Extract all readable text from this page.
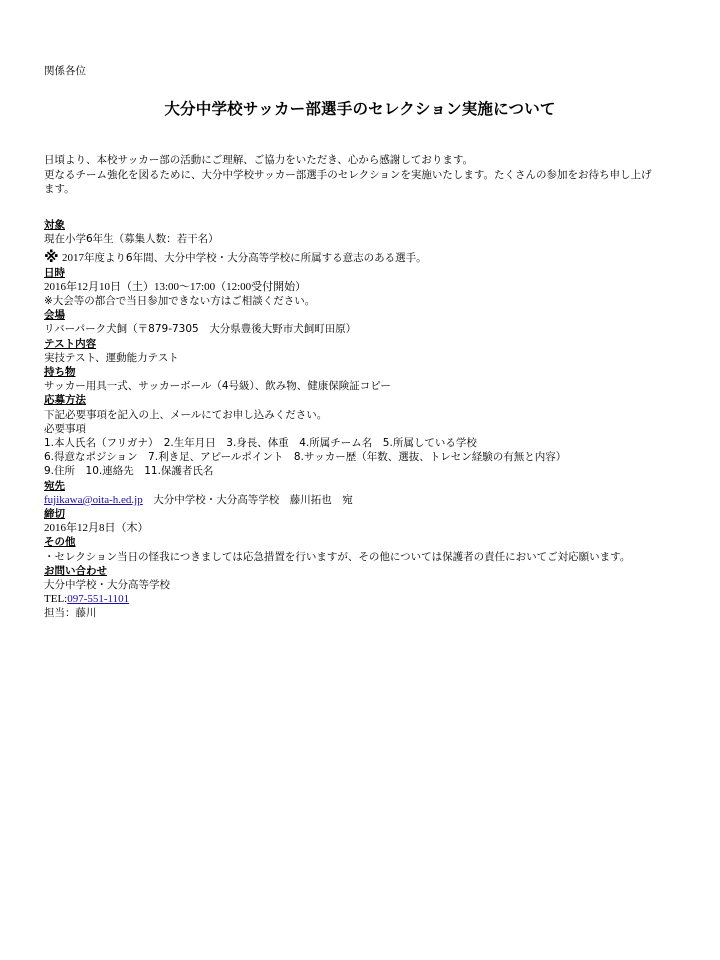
関係各位
大分中学校サッカー部選手のセレクション実施について

日頃より、本校サッカー部の活動にご理解、ご協力をいただき、心から感謝しております。

更なるチーム強化を図るために、大分中学校サッカー部選手のセレクションを実施いたします。たくさんの参加をお待ち申し上げ

ます。

対象
現在小学6年生（募集人数：若干名）
※ 2017年度より6年間、大分中学校・大分高等学校に所属する意志のある選手。
日時
2016年12月10日（土）13:00〜17:00（12:00受付開始）
※大会等の都合で当日参加できない方はご相談ください。
会場
リバーパーク犬飼（〒879-7305　大分県豊後大野市犬飼町田原）
テスト内容
実技テスト、運動能力テスト
持ち物
サッカー用具一式、サッカーボール（4号級）、飲み物、健康保険証コピー
応募方法
下記必要事項を記入の上、メールにてお申し込みください。
必要事項
1.本人氏名（フリガナ）　2.生年月日　3.身長、体重　4.所属チーム名　5.所属している学校
6.得意なポジション　7.利き足、アピールポイント　8.サッカー歴（年数、選抜、トレセン経験の有無と内容）
9.住所　10.連絡先　11.保護者氏名
宛先
fujikawa@oita-h.ed.jp　大分中学校・大分高等学校　藤川拓也　宛
締切
2016年12月8日（木）
その他
・セレクション当日の怪我につきましては応急措置を行いますが、その他については保護者の責任においてご対応願います。
お問い合わせ
大分中学校・大分高等学校
TEL:097-551-1101
担当：藤川
